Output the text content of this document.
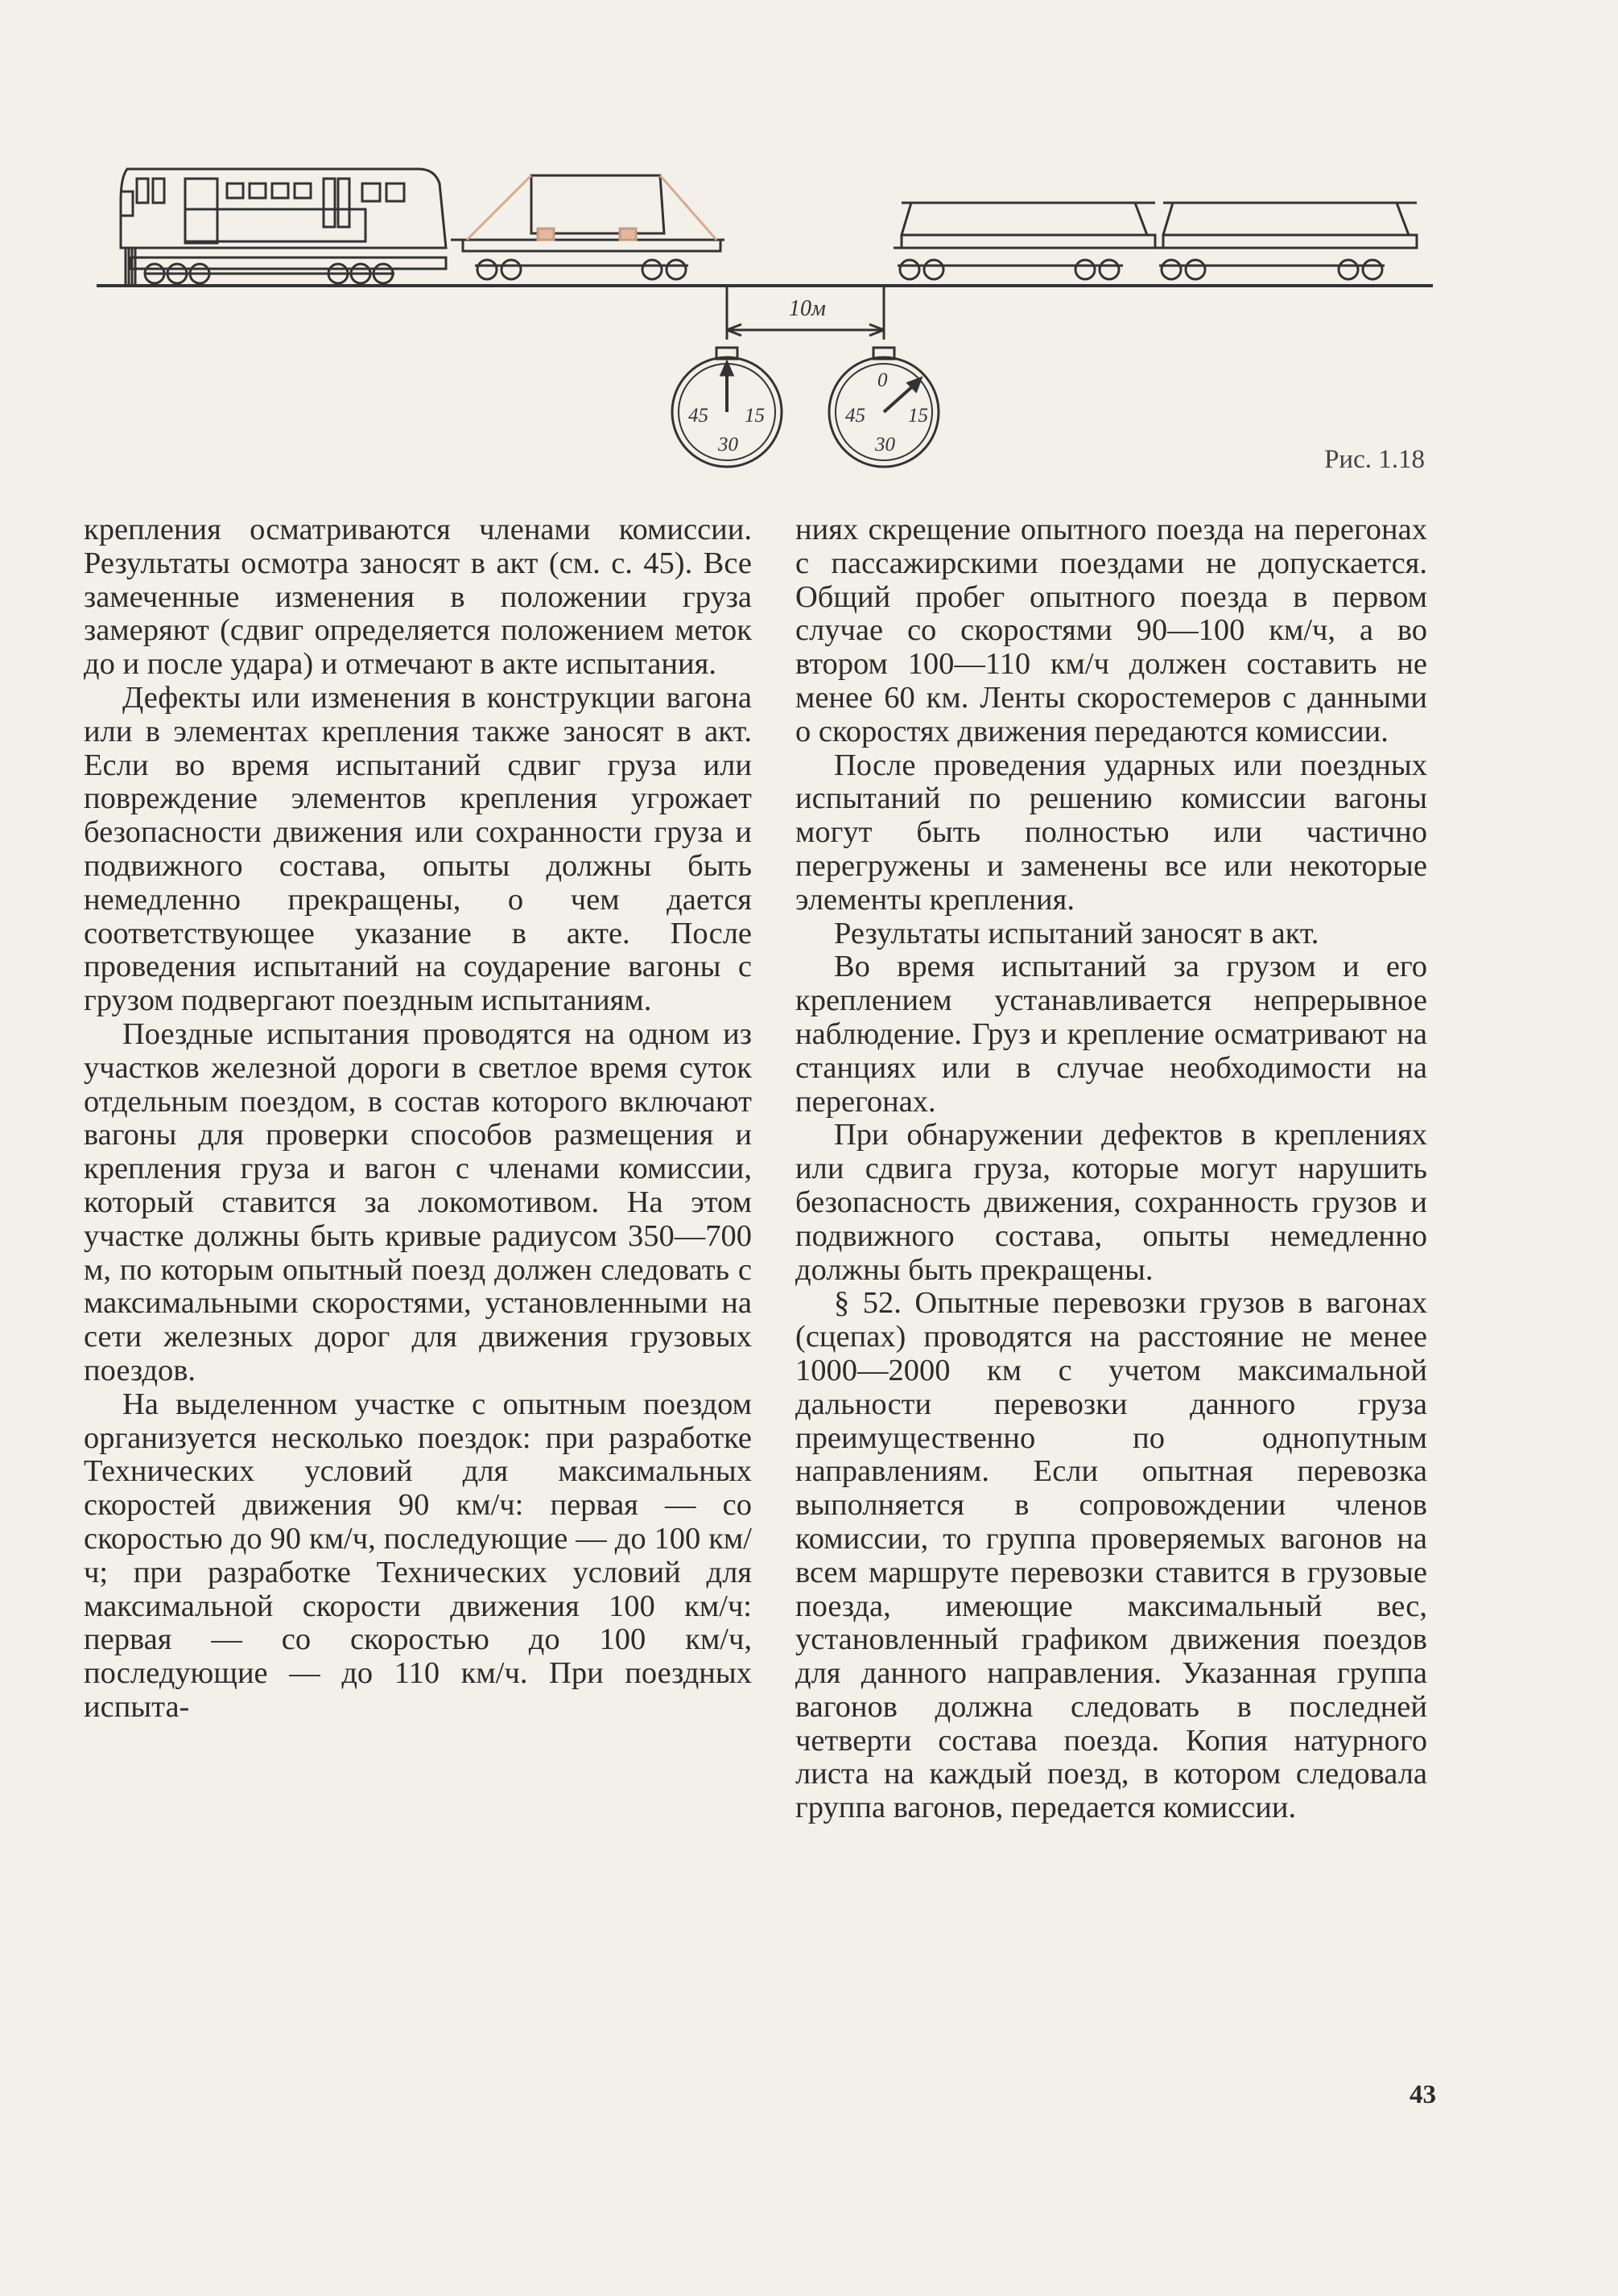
10м
45 15
30
0
45 15
30
Рис. 1.18

крепления осматриваются членами комиссии. Результаты осмотра заносят в акт (см. с. 45). Все замеченные изменения в положении груза замеряют (сдвиг определяется положением меток до и после удара) и отмечают в акте испытания.

Дефекты или изменения в конструкции вагона или в элементах крепления также заносят в акт. Если во время испытаний сдвиг груза или повреждение элементов крепления угрожает безопасности движения или сохранности груза и подвижного состава, опыты должны быть немедленно прекращены, о чем дается соответствующее указание в акте. После проведения испытаний на соударение вагоны с грузом подвергают поездным испытаниям.

Поездные испытания проводятся на одном из участков железной дороги в светлое время суток отдельным поездом, в состав которого включают вагоны для проверки способов размещения и крепления груза и вагон с членами комиссии, который ставится за локомотивом. На этом участке должны быть кривые радиусом 350—700 м, по которым опытный поезд должен следовать с максимальными скоростями, установленными на сети железных дорог для движения грузовых поездов.

На выделенном участке с опытным поездом организуется несколько поездок: при разработке Технических условий для максимальных скоростей движения 90 км/ч: первая — со скоростью до 90 км/ч, последующие — до 100 км/ч; при разработке Технических условий для максимальной скорости движения 100 км/ч: первая — со скоростью до 100 км/ч, последующие — до 110 км/ч. При поездных испыта-

ниях скрещение опытного поезда на перегонах с пассажирскими поездами не допускается. Общий пробег опытного поезда в первом случае со скоростями 90—100 км/ч, а во втором 100—110 км/ч должен составить не менее 60 км. Ленты скоростемеров с данными о скоростях движения передаются комиссии.

После проведения ударных или поездных испытаний по решению комиссии вагоны могут быть полностью или частично перегружены и заменены все или некоторые элементы крепления.

Результаты испытаний заносят в акт.

Во время испытаний за грузом и его креплением устанавливается непрерывное наблюдение. Груз и крепление осматривают на станциях или в случае необходимости на перегонах.

При обнаружении дефектов в креплениях или сдвига груза, которые могут нарушить безопасность движения, сохранность грузов и подвижного состава, опыты немедленно должны быть прекращены.

§ 52. Опытные перевозки грузов в вагонах (сцепах) проводятся на расстояние не менее 1000—2000 км с учетом максимальной дальности перевозки данного груза преимущественно по однопутным направлениям. Если опытная перевозка выполняется в сопровождении членов комиссии, то группа проверяемых вагонов на всем маршруте перевозки ставится в грузовые поезда, имеющие максимальный вес, установленный графиком движения поездов для данного направления. Указанная группа вагонов должна следовать в последней четверти состава поезда. Копия натурного листа на каждый поезд, в котором следовала группа вагонов, передается комиссии.

43
